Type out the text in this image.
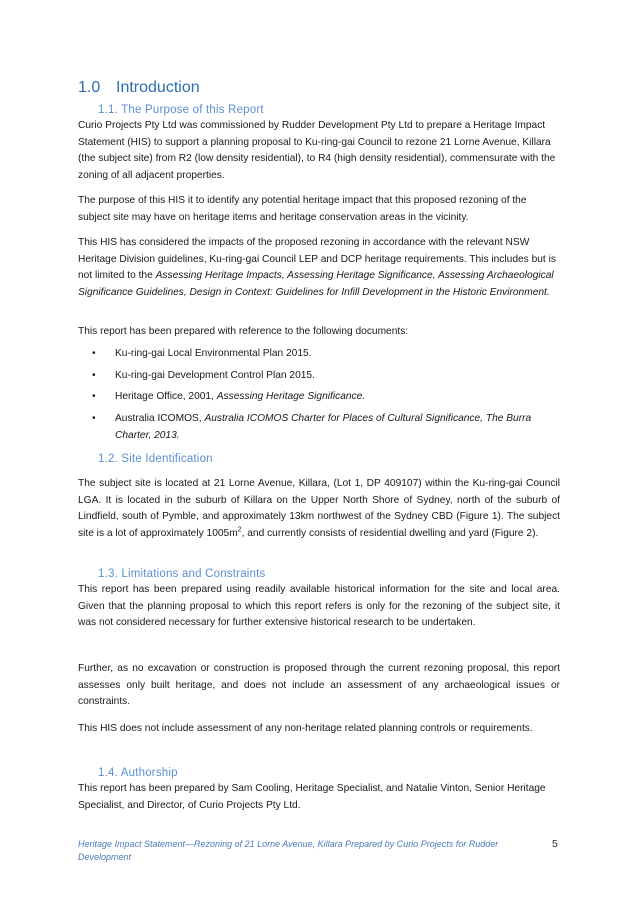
1.0 Introduction
1.1. The Purpose of this Report

Curio Projects Pty Ltd was commissioned by Rudder Development Pty Ltd to prepare a Heritage Impact Statement (HIS) to support a planning proposal to Ku-ring-gai Council to rezone 21 Lorne Avenue, Killara (the subject site) from R2 (low density residential), to R4 (high density residential), commensurate with the zoning of all adjacent properties.

The purpose of this HIS it to identify any potential heritage impact that this proposed rezoning of the subject site may have on heritage items and heritage conservation areas in the vicinity.

This HIS has considered the impacts of the proposed rezoning in accordance with the relevant NSW Heritage Division guidelines, Ku-ring-gai Council LEP and DCP heritage requirements. This includes but is not limited to the Assessing Heritage Impacts, Assessing Heritage Significance, Assessing Archaeological Significance Guidelines, Design in Context: Guidelines for Infill Development in the Historic Environment.

This report has been prepared with reference to the following documents:

• Ku-ring-gai Local Environmental Plan 2015.
• Ku-ring-gai Development Control Plan 2015.
• Heritage Office, 2001, Assessing Heritage Significance.
• Australia ICOMOS, Australia ICOMOS Charter for Places of Cultural Significance, The Burra Charter, 2013.
1.2. Site Identification

The subject site is located at 21 Lorne Avenue, Killara, (Lot 1, DP 409107) within the Ku-ring-gai Council LGA. It is located in the suburb of Killara on the Upper North Shore of Sydney, north of the suburb of Lindfield, south of Pymble, and approximately 13km northwest of the Sydney CBD (Figure 1). The subject site is a lot of approximately $1005m^2$, and currently consists of residential dwelling and yard (Figure 2).

1.3. Limitations and Constraints

This report has been prepared using readily available historical information for the site and local area. Given that the planning proposal to which this report refers is only for the rezoning of the subject site, it was not considered necessary for further extensive historical research to be undertaken.

Further, as no excavation or construction is proposed through the current rezoning proposal, this report assesses only built heritage, and does not include an assessment of any archaeological issues or constraints.

This HIS does not include assessment of any non-heritage related planning controls or requirements.

1.4. Authorship

This report has been prepared by Sam Cooling, Heritage Specialist, and Natalie Vinton, Senior Heritage Specialist, and Director, of Curio Projects Pty Ltd.

Heritage Impact Statement—Rezoning of 21 Lorne Avenue, Killara Prepared by Curio Projects for Rudder Development
5
